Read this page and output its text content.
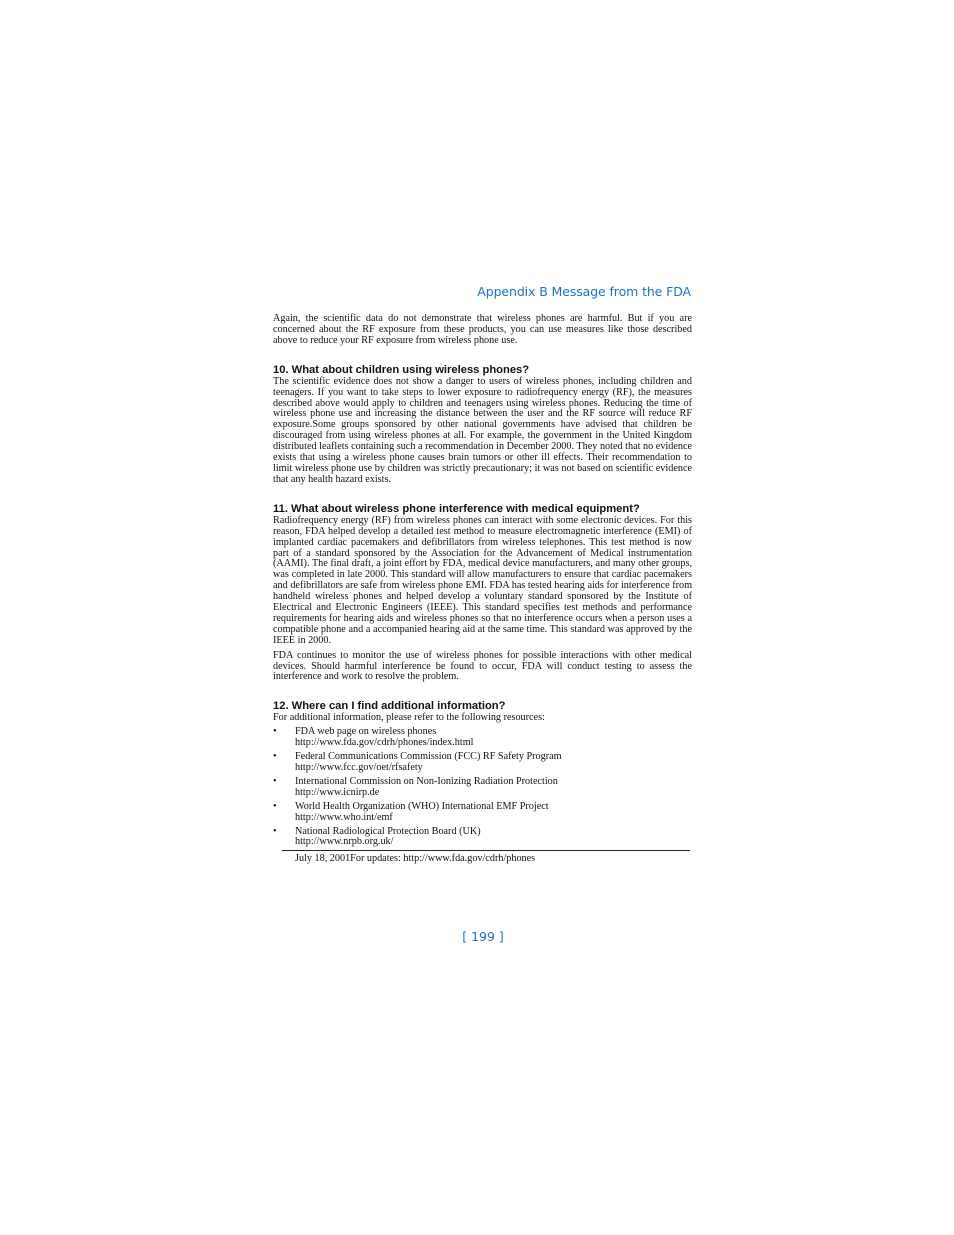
Appendix B Message from the FDA

Again, the scientific data do not demonstrate that wireless phones are harmful. But if you are concerned about the RF exposure from these products, you can use measures like those described above to reduce your RF exposure from wireless phone use.

10. What about children using wireless phones?

The scientific evidence does not show a danger to users of wireless phones, including children and teenagers. If you want to take steps to lower exposure to radiofrequency energy (RF), the measures described above would apply to children and teenagers using wireless phones. Reducing the time of wireless phone use and increasing the distance between the user and the RF source will reduce RF exposure.Some groups sponsored by other national governments have advised that children be discouraged from using wireless phones at all. For example, the government in the United Kingdom distributed leaflets containing such a recommendation in December 2000. They noted that no evidence exists that using a wireless phone causes brain tumors or other ill effects. Their recommendation to limit wireless phone use by children was strictly precautionary; it was not based on scientific evidence that any health hazard exists.

11. What about wireless phone interference with medical equipment?

Radiofrequency energy (RF) from wireless phones can interact with some electronic devices. For this reason, FDA helped develop a detailed test method to measure electromagnetic interference (EMI) of implanted cardiac pacemakers and defibrillators from wireless telephones. This test method is now part of a standard sponsored by the Association for the Advancement of Medical instrumentation (AAMI). The final draft, a joint effort by FDA, medical device manufacturers, and many other groups, was completed in late 2000. This standard will allow manufacturers to ensure that cardiac pacemakers and defibrillators are safe from wireless phone EMI. FDA has tested hearing aids for interference from handheld wireless phones and helped develop a voluntary standard sponsored by the Institute of Electrical and Electronic Engineers (IEEE). This standard specifies test methods and performance requirements for hearing aids and wireless phones so that no interference occurs when a person uses a compatible phone and a accompanied hearing aid at the same time. This standard was approved by the IEEE in 2000.

FDA continues to monitor the use of wireless phones for possible interactions with other medical devices. Should harmful interference be found to occur, FDA will conduct testing to assess the interference and work to resolve the problem.

12. Where can I find additional information?
For additional information, please refer to the following resources:
• FDA web page on wireless phones
http://www.fda.gov/cdrh/phones/index.html
• Federal Communications Commission (FCC) RF Safety Program
http://www.fcc.gov/oet/rfsafety
• International Commission on Non-Ionizing Radiation Protection
http://www.icnirp.de
• World Health Organization (WHO) International EMF Project
http://www.who.int/emf
• National Radiological Protection Board (UK)
http://www.nrpb.org.uk/
July 18, 2001For updates: http://www.fda.gov/cdrh/phones
[ 199 ]
